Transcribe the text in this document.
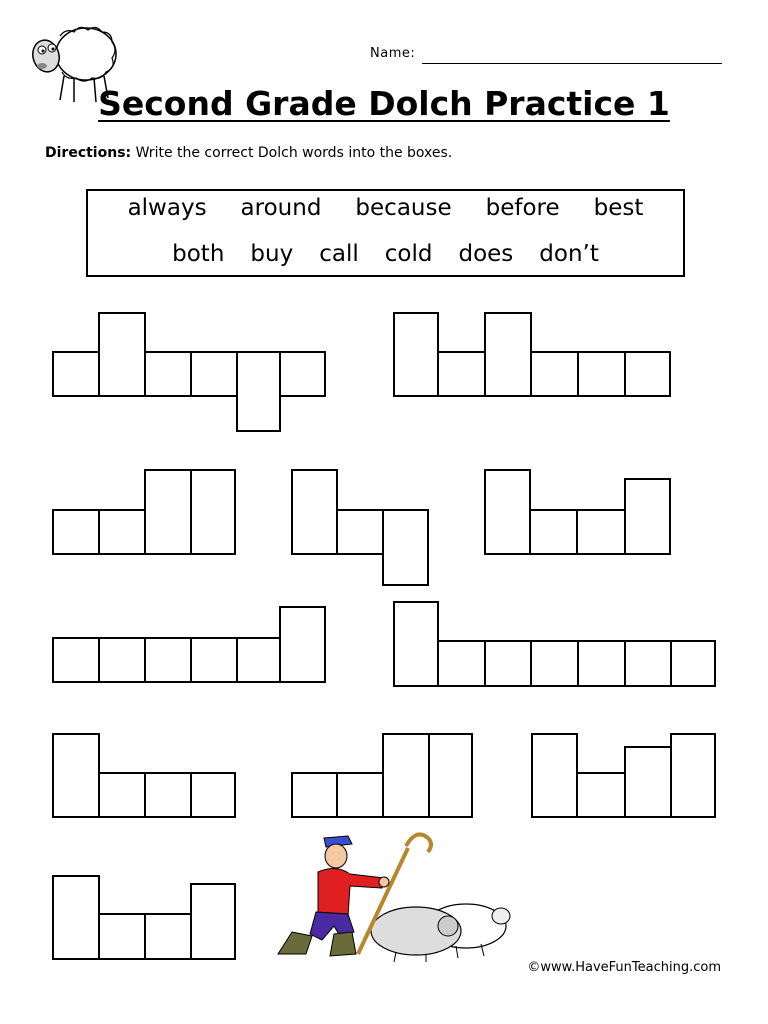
Name:
Second Grade Dolch Practice 1
Directions: Write the correct Dolch words into the boxes.
always around because before best
both buy call cold does don’t
©www.HaveFunTeaching.com
